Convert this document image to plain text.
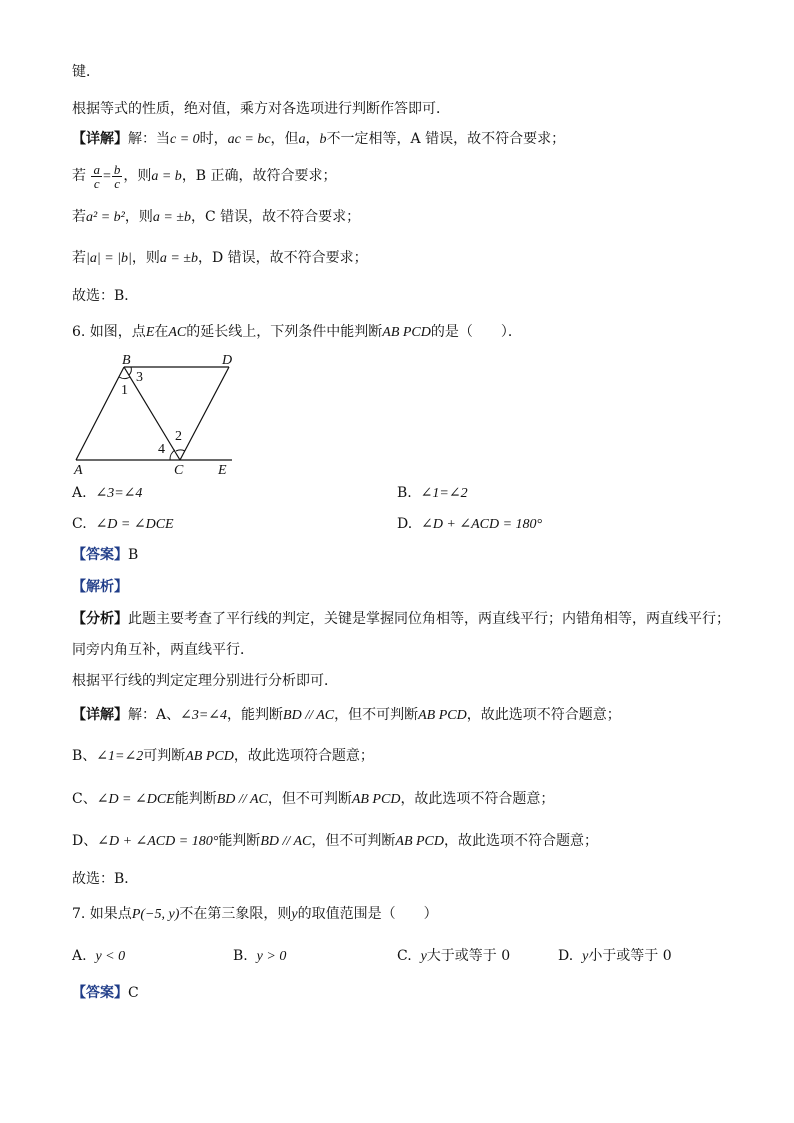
键．
根据等式的性质，绝对值，乘方对各选项进行判断作答即可．
【详解】解：当c = 0时，ac = bc，但a，b不一定相等，A 错误，故不符合要求；
若 $\frac{a}{c} = \frac{b}{c}$ ，则a = b，B 正确，故符合要求；
若a² = b²，则a = ±b，C 错误，故不符合要求；
若|a| = |b|，则a = ±b，D 错误，故不符合要求；
故选：B．
6. 如图，点E在AC的延长线上，下列条件中能判断AB PCD的是（　　）．
B	D
3
1
2
4
A	C E
A. ∠3=∠4	B. ∠1=∠2
C. ∠D = ∠DCE	D. ∠D + ∠ACD = 180°
【答案】B
【解析】
【分析】此题主要考查了平行线的判定，关键是掌握同位角相等，两直线平行；内错角相等，两直线平行；
同旁内角互补，两直线平行．
根据平行线的判定定理分别进行分析即可．
【详解】解：A、∠3=∠4，能判断BD // AC，但不可判断AB PCD，故此选项不符合题意；
B、∠1=∠2可判断AB PCD，故此选项符合题意；
C、∠D = ∠DCE能判断BD // AC，但不可判断AB PCD，故此选项不符合题意；
D、∠D + ∠ACD = 180°能判断BD // AC，但不可判断AB PCD，故此选项不符合题意；
故选：B．
7. 如果点P(−5, y)不在第三象限，则y的取值范围是（　　）
A. y < 0	B. y > 0	C. y大于或等于 0	D. y小于或等于 0
【答案】C
